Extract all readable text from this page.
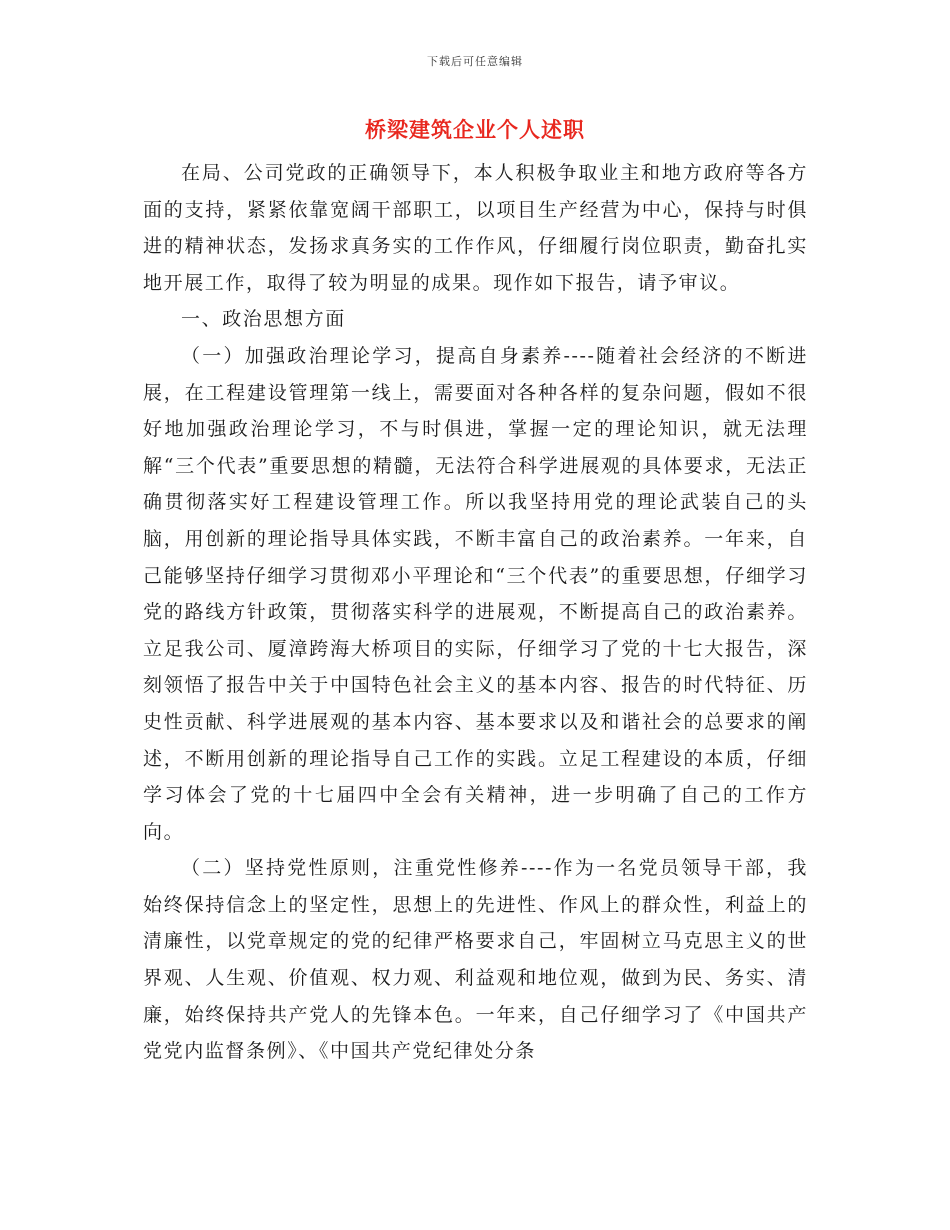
下载后可任意编辑
桥梁建筑企业个人述职

在局、公司党政的正确领导下，本人积极争取业主和地方政府等各方面的支持，紧紧依靠宽阔干部职工，以项目生产经营为中心，保持与时俱进的精神状态，发扬求真务实的工作作风，仔细履行岗位职责，勤奋扎实地开展工作，取得了较为明显的成果。现作如下报告，请予审议。

一、政治思想方面

（一）加强政治理论学习，提高自身素养----随着社会经济的不断进展，在工程建设管理第一线上，需要面对各种各样的复杂问题，假如不很好地加强政治理论学习，不与时俱进，掌握一定的理论知识，就无法理解“三个代表”重要思想的精髓，无法符合科学进展观的具体要求，无法正确贯彻落实好工程建设管理工作。所以我坚持用党的理论武装自己的头脑，用创新的理论指导具体实践，不断丰富自己的政治素养。一年来，自己能够坚持仔细学习贯彻邓小平理论和“三个代表”的重要思想，仔细学习党的路线方针政策，贯彻落实科学的进展观，不断提高自己的政治素养。立足我公司、厦漳跨海大桥项目的实际，仔细学习了党的十七大报告，深刻领悟了报告中关于中国特色社会主义的基本内容、报告的时代特征、历史性贡献、科学进展观的基本内容、基本要求以及和谐社会的总要求的阐述，不断用创新的理论指导自己工作的实践。立足工程建设的本质，仔细学习体会了党的十七届四中全会有关精神，进一步明确了自己的工作方向。

（二）坚持党性原则，注重党性修养----作为一名党员领导干部，我始终保持信念上的坚定性，思想上的先进性、作风上的群众性，利益上的清廉性，以党章规定的党的纪律严格要求自己，牢固树立马克思主义的世界观、人生观、价值观、权力观、利益观和地位观，做到为民、务实、清廉，始终保持共产党人的先锋本色。一年来，自己仔细学习了《中国共产党党内监督条例》、《中国共产党纪律处分条
